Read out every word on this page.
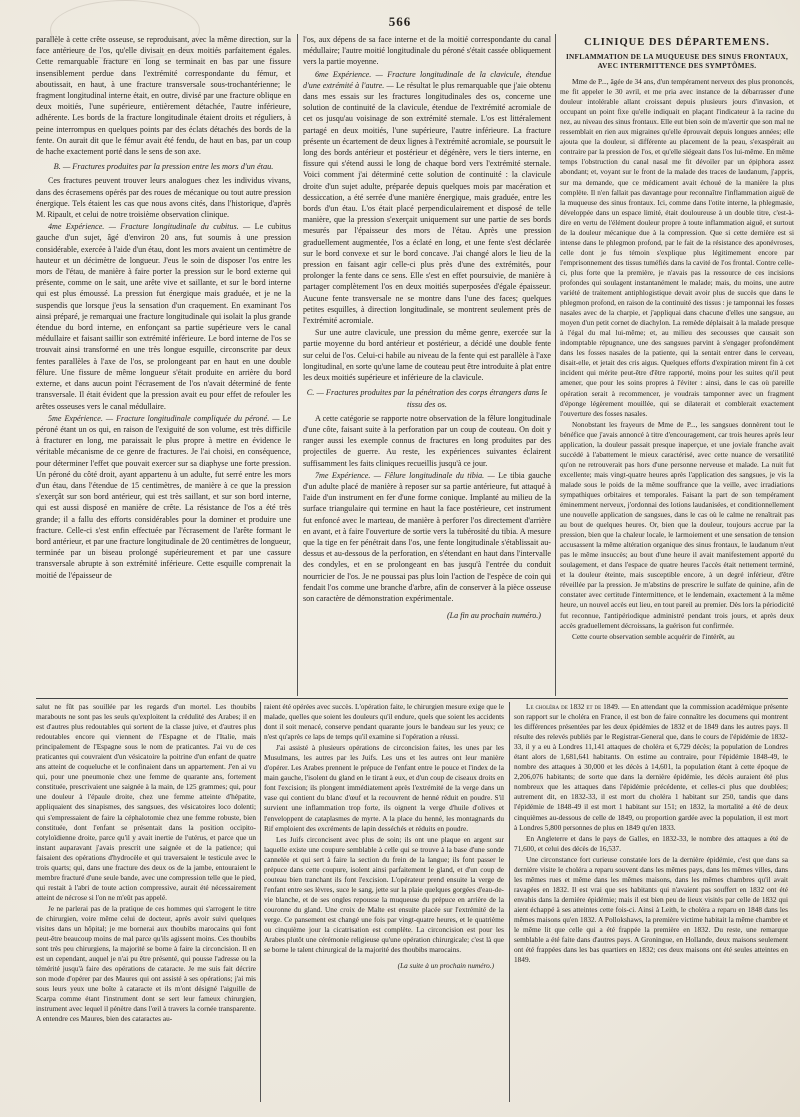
566

parallèle à cette crête osseuse, se reproduisant, avec la même direction, sur la face antérieure de l'os, qu'elle divisait en deux moitiés parfaitement égales. Cette remarquable fracture en long se terminait en bas par une fissure insensiblement perdue dans l'extrémité correspondante du fémur, et aboutissait, en haut, à une fracture transversale sous-trochantérienne; le fragment longitudinal interne était, en outre, divisé par une fracture oblique en deux moitiés, l'une supérieure, entièrement détachée, l'autre inférieure, adhérente. Les bords de la fracture longitudinale étaient droits et réguliers, à peine interrompus en quelques points par des éclats détachés des bords de la fente. On aurait dit que le fémur avait été fendu, de haut en bas, par un coup de hache exactement porté dans le sens de son axe.

B. — Fractures produites par la pression entre les mors d'un étau.

Ces fractures peuvent trouver leurs analogues chez les individus vivans, dans des écrasemens opérés par des roues de mécanique ou tout autre pression énergique. Tels étaient les cas que nous avons cités, dans l'historique, d'après M. Ripault, et celui de notre troisième observation clinique.

4me Expérience. — Fracture longitudinale du cubitus. — Le cubitus gauche d'un sujet, âgé d'environ 20 ans, fut soumis à une pression considérable, exercée à l'aide d'un étau, dont les mors avaient un centimètre de hauteur et un décimètre de longueur. J'eus le soin de disposer l'os entre les mors de l'étau, de manière à faire porter la pression sur le bord externe qui présente, comme on le sait, une arête vive et saillante, et sur le bord interne qui est plus émoussé. La pression fut énergique mais graduée, et je ne la suspendis que lorsque j'eus la sensation d'un craquement. En examinant l'os ainsi préparé, je remarquai une fracture longitudinale qui isolait la plus grande étendue du bord interne, en enfonçant sa partie supérieure vers le canal médullaire et faisant saillir son extrémité inférieure. Le bord interne de l'os se trouvait ainsi transformé en une très longue esquille, circonscrite par deux fentes parallèles à l'axe de l'os, se prolongeant par en haut en une double fêlure. Une fissure de même longueur s'était produite en arrière du bord externe, et dans aucun point l'écrasement de l'os n'avait déterminé de fente transversale. Il était évident que la pression avait eu pour effet de refouler les arêtes osseuses vers le canal médullaire.

5me Expérience. — Fracture longitudinale compliquée du péroné. — Le péroné étant un os qui, en raison de l'exiguité de son volume, est très difficile à fracturer en long, me paraissait le plus propre à mettre en évidence le véritable mécanisme de ce genre de fractures. Je l'ai choisi, en conséquence, pour déterminer l'effet que pouvait exercer sur sa diaphyse une forte pression. Un péroné du côté droit, ayant appartenu à un adulte, fut serré entre les mors d'un étau, dans l'étendue de 15 centimètres, de manière à ce que la pression s'exerçât sur son bord antérieur, qui est très saillant, et sur son bord interne, qui est aussi disposé en manière de crête. La résistance de l'os a été très grande; il a fallu des efforts considérables pour la dominer et produire une fracture. Celle-ci s'est enfin effectuée par l'écrasement de l'arête formant le bord antérieur, et par une fracture longitudinale de 20 centimètres de longueur, terminée par un biseau prolongé supérieurement et par une cassure transversale abrupte à son extrémité inférieure. Cette esquille comprenait la moitié de l'épaisseur de

l'os, aux dépens de sa face interne et de la moitié correspondante du canal médullaire; l'autre moitié longitudinale du péroné s'était cassée obliquement vers la partie moyenne.

6me Expérience. — Fracture longitudinale de la clavicule, étendue d'une extrémité à l'autre. — Le résultat le plus remarquable que j'aie obtenu dans mes essais sur les fractures longitudinales des os, concerne une solution de continuité de la clavicule, étendue de l'extrémité acromiale de cet os jusqu'au voisinage de son extrémité sternale. L'os est littéralement partagé en deux moitiés, l'une supérieure, l'autre inférieure. La fracture présente un écartement de deux lignes à l'extrémité acromiale, se poursuit le long des bords antérieur et postérieur et dégénère, vers le tiers interne, en fissure qui s'étend aussi le long de chaque bord vers l'extrémité sternale. Voici comment j'ai déterminé cette solution de continuité : la clavicule droite d'un sujet adulte, préparée depuis quelques mois par macération et dessiccation, a été serrée d'une manière énergique, mais graduée, entre les bords d'un étau. L'os était placé perpendiculairement et disposé de telle manière, que la pression s'exerçait uniquement sur une partie de ses bords mesurés par l'épaisseur des mors de l'étau. Après une pression graduellement augmentée, l'os a éclaté en long, et une fente s'est déclarée sur le bord convexe et sur le bord concave. J'ai changé alors le lieu de la pression en faisant agir celle-ci plus près d'une des extrémités, pour prolonger la fente dans ce sens. Elle s'est en effet poursuivie, de manière à partager complètement l'os en deux moitiés superposées d'égale épaisseur. Aucune fente transversale ne se montre dans l'une des faces; quelques petites esquilles, à direction longitudinale, se montrent seulement près de l'extrémité acromiale.

Sur une autre clavicule, une pression du même genre, exercée sur la partie moyenne du bord antérieur et postérieur, a décidé une double fente sur celui de l'os. Celui-ci habile au niveau de la fente qui est parallèle à l'axe longitudinal, en sorte qu'une lame de couteau peut être introduite à plat entre les deux moitiés supérieure et inférieure de la clavicule.

C. — Fractures produites par la pénétration des corps étrangers dans le tissu des os.

A cette catégorie se rapporte notre observation de la fêlure longitudinale d'une côte, faisant suite à la perforation par un coup de couteau. On doit y ranger aussi les exemple connus de fractures en long produites par des projectiles de guerre. Au reste, les expériences suivantes éclairent suffisamment les faits cliniques recueillis jusqu'à ce jour.

7me Expérience. — Fêlure longitudinale du tibia. — Le tibia gauche d'un adulte placé de manière à reposer sur sa partie antérieure, fut attaqué à l'aide d'un instrument en fer d'une forme conique. Implanté au milieu de la surface triangulaire qui termine en haut la face postérieure, cet instrument fut enfoncé avec le marteau, de manière à perforer l'os directement d'arrière en avant, et à faire l'ouverture de sortie vers la tubérosité du tibia. A mesure que la tige en fer pénétrait dans l'os, une fente longitudinale s'établissait au-dessus et au-dessous de la perforation, en s'étendant en haut dans l'intervalle des condyles, et en se prolongeant en bas jusqu'à l'entrée du conduit nourricier de l'os. Je ne poussai pas plus loin l'action de l'espèce de coin qui fendait l'os comme une branche d'arbre, afin de conserver à la pièce osseuse son caractère de démonstration expérimentale.

(La fin au prochain numéro.)

CLINIQUE DES DÉPARTEMENS.
INFLAMMATION DE LA MUQUEUSE DES SINUS FRONTAUX, AVEC INTERMITTENCE DES SYMPTÔMES.

Mme de P..., âgée de 34 ans, d'un tempérament nerveux des plus prononcés, me fit appeler le 30 avril, et me pria avec instance de la débarrasser d'une douleur intolérable allant croissant depuis plusieurs jours d'invasion, et occupant un point fixe qu'elle indiquait en plaçant l'indicateur à la racine du nez, au niveau des sinus frontaux. Elle eut bien soin de m'avertir que son mal ne ressemblait en rien aux migraines qu'elle éprouvait depuis longues années; elle ajouta que la douleur, si différente au placement de la peau, s'exaspérait au contraire par la pression de l'os, et qu'elle siégeait dans l'os lui-même. En même temps l'obstruction du canal nasal me fit dévoiler par un épiphora assez abondant; et, voyant sur le front de la malade des traces de laudanum, j'appris, sur ma demande, que ce médicament avait échoué de la manière la plus complète. Il n'en fallait pas davantage pour reconnaître l'inflammation aiguë de la muqueuse des sinus frontaux. Ici, comme dans l'otite interne, la phlegmasie, développée dans un espace limité, était douloureuse à un double titre, c'est-à-dire en vertu de l'élément douleur propre à toute inflammation aiguë, et surtout de la douleur mécanique due à la compression. Que si cette dernière est si intense dans le phlegmon profond, par le fait de la résistance des aponévroses, celle dont je fus témoin s'explique plus légitimement encore par l'emprisonnement des tissus tuméfiés dans la cavité de l'os frontal. Contre celle-ci, plus forte que la première, je n'avais pas la ressource de ces incisions profondes qui soulagent instantanément le malade; mais, du moins, une autre variété de traitement antiphlogistique devait avoir plus de succès que dans le phlegmon profond, en raison de la continuité des tissus : je tamponnai les fosses nasales avec de la charpie, et j'appliquai dans chacune d'elles une sangsue, au moyen d'un petit cornet de diachylon. La remède déplaisait à la malade presque à l'égal du mal lui-même; et, au milieu des secousses que causait son indomptable répugnance, une des sangsues parvint à s'engager profondément dans les fosses nasales de la patiente, qui la sentait entrer dans le cerveau, disait-elle, et jetait des cris aigus. Quelques efforts d'expiration mirent fin à cet incident qui mérite peut-être d'être rapporté, moins pour les suites qu'il peut amener, que pour les soins propres à l'éviter : ainsi, dans le cas où pareille opération serait à recommencer, je voudrais tamponner avec un fragment d'éponge légèrement mouillée, qui se dilaterait et comblerait exactement l'ouverture des fosses nasales.

Nonobstant les frayeurs de Mme de P..., les sangsues donnèrent tout le bénéfice que j'avais annoncé à titre d'encouragement, car trois heures après leur application, la douleur passait presque inaperçue, et une joviale franche avait succédé à l'abattement le mieux caractérisé, avec cette nuance de versatilité qu'on ne retrouverait pas hors d'une personne nerveuse et malade. La nuit fut excellente; mais vingt-quatre heures après l'application des sangsues, je vis la malade sous le poids de la même souffrance que la veille, avec irradiations sympathiques orbitaires et temporales. Faisant la part de son tempérament éminemment nerveux, j'ordonnai des lotions laudanisées, et conditionnellement une nouvelle application de sangsues, dans le cas où le calme ne renaîtrait pas au bout de quelques heures. Or, bien que la douleur, toujours accrue par la pression, bien que la chaleur locale, le larmoiement et une sensation de tension accusassent la même altération organique des sinus frontaux, le laudanum n'eut pas le même insuccès; au bout d'une heure il avait manifestement apporté du soulagement, et dans l'espace de quatre heures l'accès était nettement terminé, et la douleur éteinte, mais susceptible encore, à un degré inférieur, d'être réveillée par la pression. Je m'abstins de prescrire le sulfate de quinine, afin de constater avec certitude l'intermittence, et le lendemain, exactement à la même heure, un nouvel accès eut lieu, en tout pareil au premier. Dès lors la périodicité fut reconnue, l'antipériodique administré pendant trois jours, et après deux accès graduellement décroissans, la guérison fut confirmée.

Cette courte observation semble acquérir de l'intérêt, au

salut ne fût pas souillée par les regards d'un mortel. Les thoubibs marabouts ne sont pas les seuls qu'exploitent la crédulité des Arabes; il en est d'autres plus redoutables qui sortent de la classe juive, et d'autres plus redoutables encore qui viennent de l'Espagne et de l'Italie, mais principalement de l'Espagne sous le nom de praticantes. J'ai vu de ces praticantes qui couvraient d'un vésicatoire la poitrine d'un enfant de quatre ans atteint de coqueluche et le confinaient dans un appartement. J'en ai vu qui, pour une pneumonie chez une femme de quarante ans, fortement constituée, prescrivaient une saignée à la main, de 125 grammes; qui, pour une douleur à l'épaule droite, chez une femme atteinte d'hépatite, appliquaient des sinapismes, des sangsues, des vésicatoires loco dolenti; qui s'empressaient de faire la céphalotomie chez une femme robuste, bien constituée, dont l'enfant se présentait dans la position occipito-cotyloïdienne droite, parce qu'il y avait inertie de l'utérus, et parce que un instant auparavant j'avais prescrit une saignée et de la patience; qui faisaient des opérations d'hydrocèle et qui traversaient le testicule avec le trois quarts; qui, dans une fracture des deux os de la jambe, entouraient le membre fracturé d'une seule bande, avec une compression telle que le pied, qui restait à l'abri de toute action compressive, aurait été nécessairement atteint de nécrose si l'on ne m'eût pas appelé.

Je ne parlerai pas de la pratique de ces hommes qui s'arrogent le titre de chirurgien, voire même celui de docteur, après avoir suivi quelques visites dans un hôpital; je me bornerai aux thoubibs marocains qui font peut-être beaucoup moins de mal parce qu'ils agissent moins. Ces thoubibs sont très peu chirurgiens, la majorité se borne à faire la circoncision. Il en est un cependant, auquel je n'ai pu être présenté, qui pousse l'adresse ou la témérité jusqu'à faire des opérations de cataracte. Je me suis fait décrire son mode d'opérer par des Maures qui ont assisté à ses opérations; j'ai mis sous leurs yeux une boîte à cataracte et ils m'ont désigné l'aiguille de Scarpa comme étant l'instrument dont se sert leur fameux chirurgien, instrument avec lequel il pénètre dans l'œil à travers la cornée transparente. A entendre ces Maures, bien des cataractes au-

raient été opérées avec succès. L'opération faite, le chirurgien mesure exige que le malade, quelles que soient les douleurs qu'il endure, quels que soient les accidents dont il soit menacé, conserve pendant quarante jours le bandeau sur les yeux; ce n'est qu'après ce laps de temps qu'il examine si l'opération a réussi.

J'ai assisté à plusieurs opérations de circoncision faites, les unes par les Musulmans, les autres par les Juifs. Les uns et les autres ont leur manière d'opérer. Les Arabes prennent le prépuce de l'enfant entre le pouce et l'index de la main gauche, l'isolent du gland en le tirant à eux, et d'un coup de ciseaux droits en font l'excision; ils plongent immédiatement après l'extrémité de la verge dans un vase qui contient du blanc d'œuf et la recouvrent de henné réduit en poudre. S'il survient une inflammation trop forte, ils oignent la verge d'huile d'olives et l'enveloppent de cataplasmes de myrte. A la place du henné, les montagnards du Rif emploient des excréments de lapin desséchés et réduits en poudre.

Les Juifs circoncisent avec plus de soin; ils ont une plaque en argent sur laquelle existe une coupure semblable à celle qui se trouve à la base d'une sonde cannelée et qui sert à faire la section du frein de la langue; ils font passer le prépuce dans cette coupure, isolent ainsi parfaitement le gland, et d'un coup de couteau bien tranchant ils font l'excision. L'opérateur prend ensuite la verge de l'enfant entre ses lèvres, suce le sang, jette sur la plaie quelques gorgées d'eau-de-vie blanche, et de ses ongles repousse la muqueuse du prépuce en arrière de la couronne du gland. Une croix de Malte est ensuite placée sur l'extrémité de la verge. Ce pansement est changé une fois par vingt-quatre heures, et le quatrième ou cinquième jour la cicatrisation est complète. La circoncision est pour les Arabes plutôt une cérémonie religieuse qu'une opération chirurgicale; c'est là que se borne le talent chirurgical de la majorité des thoubibs marocains.

(La suite à un prochain numéro.)

Le choléra de 1832 et de 1849. — En attendant que la commission académique présente son rapport sur le choléra en France, il est bon de faire connaître les documens qui montrent les différences présentées par les deux épidémies de 1832 et de 1849 dans les autres pays. Il résulte des relevés publiés par le Registrar-General que, dans le cours de l'épidémie de 1832-33, il y a eu à Londres 11,141 attaques de choléra et 6,729 décès; la population de Londres étant alors de 1,681,641 habitants. On estime au contraire, pour l'épidémie 1848-49, le nombre des attaques à 30,000 et les décès à 14,601, la population étant à cette époque de 2,206,076 habitants; de sorte que dans la dernière épidémie, les décès auraient été plus nombreux que les attaques dans l'épidémie précédente, et celles-ci plus que doublées; autrement dit, en 1832-33, il est mort du choléra 1 habitant sur 250, tandis que dans l'épidémie de 1848-49 il est mort 1 habitant sur 151; en 1832, la mortalité a été de deux cinquièmes au-dessous de celle de 1849, ou proportion gardée avec la population, il est mort à Londres 5,800 personnes de plus en 1849 qu'en 1833.

En Angleterre et dans le pays de Galles, en 1832-33, le nombre des attaques a été de 71,600, et celui des décès de 16,537.

Une circonstance fort curieuse constatée lors de la dernière épidémie, c'est que dans sa dernière visite le choléra a reparu souvent dans les mêmes pays, dans les mêmes villes, dans les mêmes rues et même dans les mêmes maisons, dans les mêmes chambres qu'il avait ravagées en 1832. Il est vrai que ses habitants qui n'avaient pas souffert en 1832 ont été envahis dans la dernière épidémie; mais il est bien peu de lieux visités par celle de 1832 qui aient échappé à ses atteintes cette fois-ci. Ainsi à Leith, le choléra a reparu en 1848 dans les mêmes maisons qu'en 1832. A Pollokshaws, la première victime habitait la même chambre et le même lit que celle qui a été frappée la première en 1832. Du reste, une remarque semblable a été faite dans d'autres pays. A Groningue, en Hollande, deux maisons seulement ont été frappées dans les bas quartiers en 1832; ces deux maisons ont été seules atteintes en 1849.
